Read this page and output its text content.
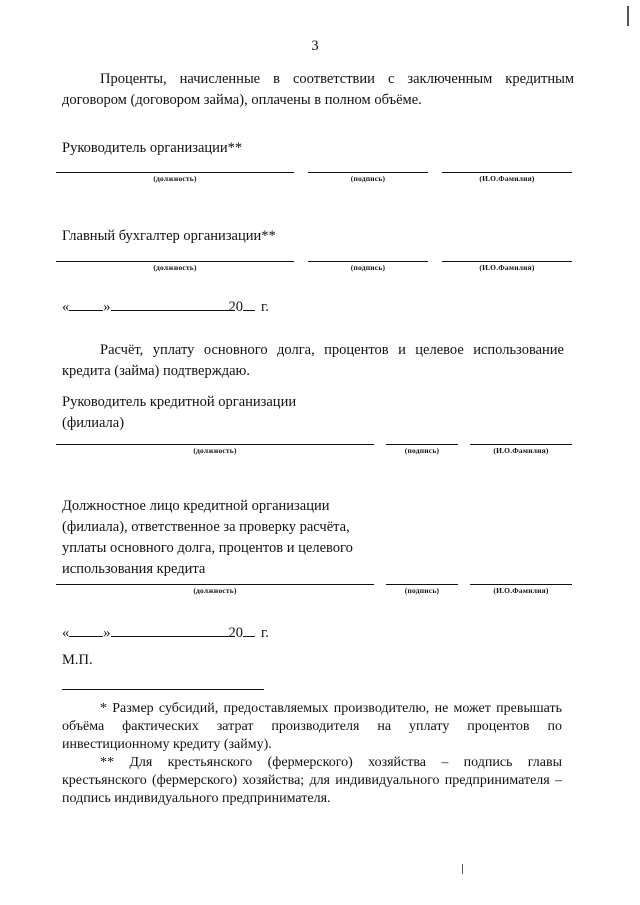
3
Проценты, начисленные в соответствии с заключенным кредитным договором (договором займа), оплачены в полном объёме.
Руководитель организации**
(должность)	(подпись)	(И.О.Фамилия)
Главный бухгалтер организации**
(должность)	(подпись)	(И.О.Фамилия)
« »	20 г.
Расчёт, уплату основного долга, процентов и целевое использование кредита (займа) подтверждаю.
Руководитель кредитной организации
(филиала)
(должность)	(подпись)	(И.О.Фамилия)
Должностное лицо кредитной организации
(филиала), ответственное за проверку расчёта,
уплаты основного долга, процентов и целевого
использования кредита
(должность)	(подпись)	(И.О.Фамилия)
« »	20 г.
М.П.
* Размер субсидий, предоставляемых производителю, не может превышать объёма фактических затрат производителя на уплату процентов по инвестиционному кредиту (займу).
** Для крестьянского (фермерского) хозяйства – подпись главы крестьянского (фермерского) хозяйства; для индивидуального предпринимателя – подпись индивидуального предпринимателя.
